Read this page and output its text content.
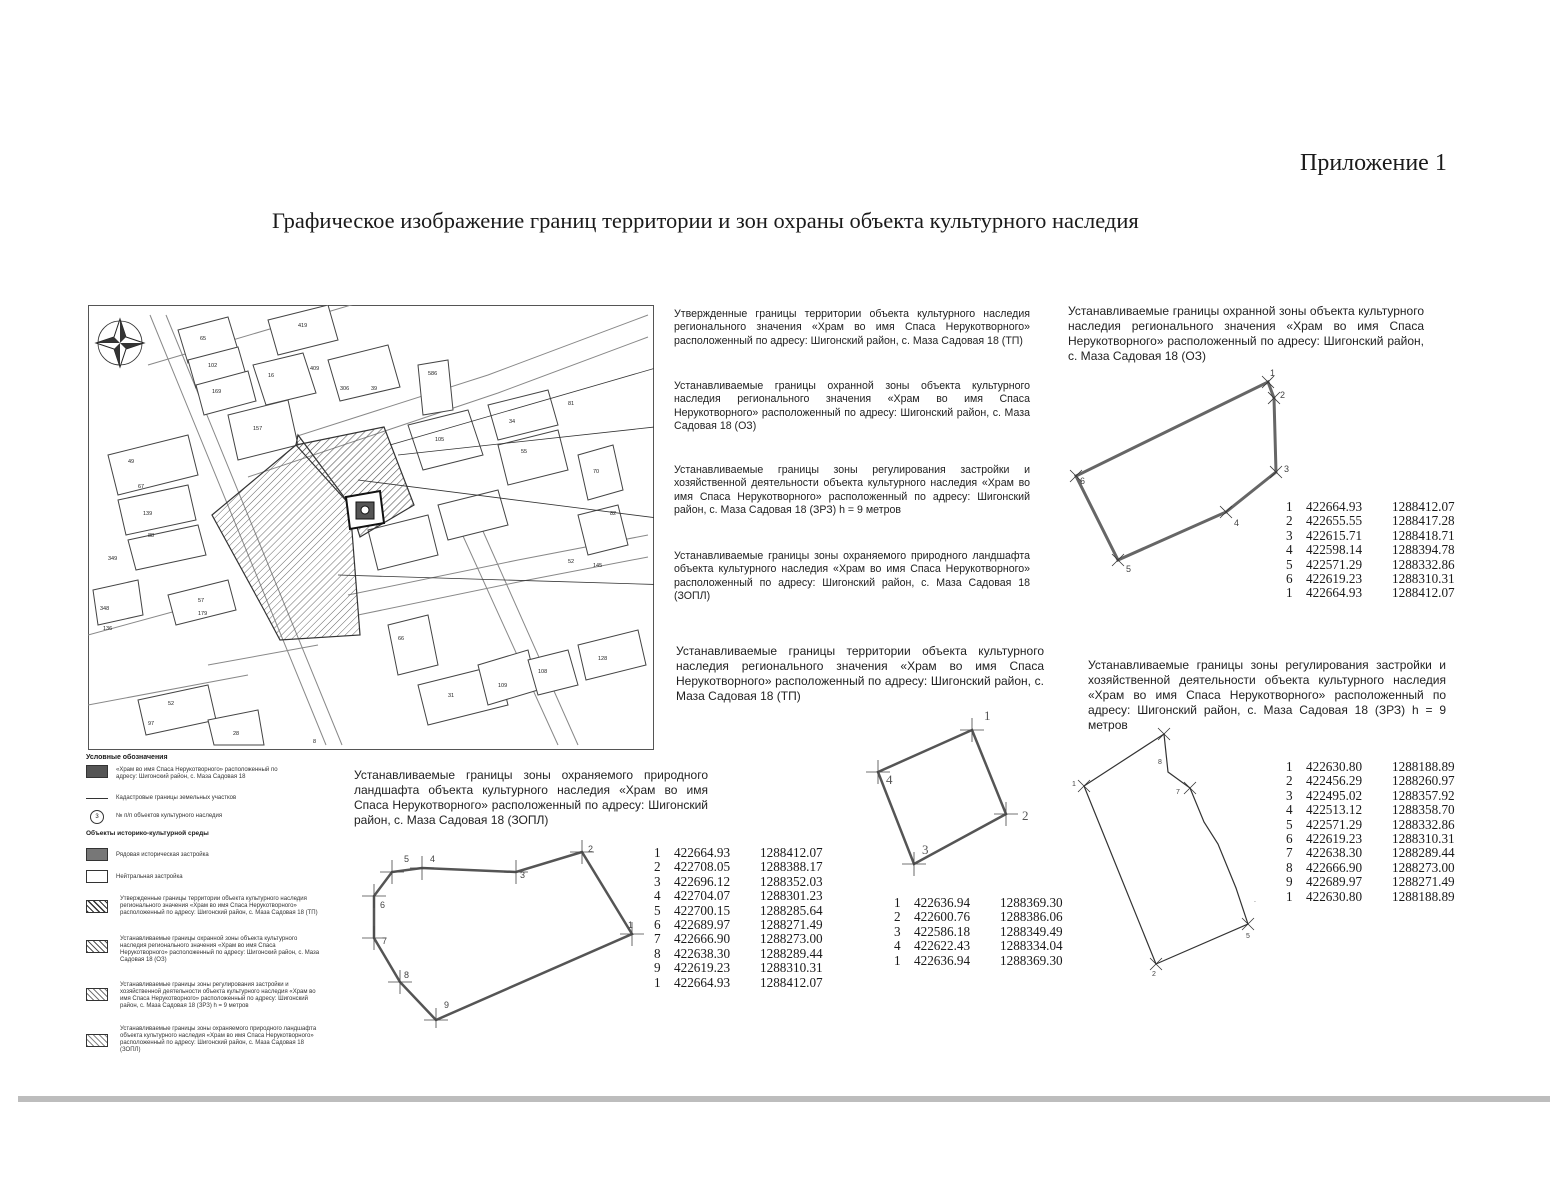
Приложение 1
Графическое изображение границ территории и зон охраны объекта культурного наследия
419
65
102
169
409
16
306	39
586
157
105
34
55
81
70
49
67
139
88
82
52
145
349
57
179
348
136
66
128
31
109
108
52
97
28
8
Утвержденные границы территории объекта культурного наследия регионального значения «Храм во имя Спаса Нерукотворного» расположенный по адресу: Шигонский район, с. Маза Садовая 18 (ТП)
Устанавливаемые границы охранной зоны объекта культурного наследия регионального значения «Храм во имя Спаса Нерукотворного» расположенный по адресу: Шигонский район, с. Маза Садовая 18 (ОЗ)
Устанавливаемые границы зоны регулирования застройки и хозяйственной деятельности объекта культурного наследия «Храм во имя Спаса Нерукотворного» расположенный по адресу: Шигонский район, с. Маза Садовая 18 (ЗРЗ) h = 9 метров
Устанавливаемые границы зоны охраняемого природного ландшафта объекта культурного наследия «Храм во имя Спаса Нерукотворного» расположенный по адресу: Шигонский район, с. Маза Садовая 18 (ЗОПЛ)
Условные обозначения
«Храм во имя Спаса Нерукотворного» расположенный по адресу: Шигонский район, с. Маза Садовая 18
Кадастровые границы земельных участков
3	№ п/п объектов культурного наследия
Объекты историко-культурной среды
Рядовая историческая застройка
Нейтральная застройка
Утвержденные границы территории объекта культурного наследия регионального значения «Храм во имя Спаса Нерукотворного» расположенный по адресу: Шигонский район, с. Маза Садовая 18 (ТП)
Устанавливаемые границы охранной зоны объекта культурного наследия регионального значения «Храм во имя Спаса Нерукотворного» расположенный по адресу: Шигонский район, с. Маза Садовая 18 (ОЗ)
Устанавливаемые границы зоны регулирования застройки и хозяйственной деятельности объекта культурного наследия «Храм во имя Спаса Нерукотворного» расположенный по адресу: Шигонский район, с. Маза Садовая 18 (ЗРЗ) h = 9 метров
Устанавливаемые границы зоны охраняемого природного ландшафта объекта культурного наследия «Храм во имя Спаса Нерукотворного» расположенный по адресу: Шигонский район, с. Маза Садовая 18 (ЗОПЛ)
Устанавливаемые границы охранной зоны объекта культурного наследия регионального значения «Храм во имя Спаса Нерукотворного» расположенный по адресу: Шигонский район, с. Маза Садовая 18 (ОЗ)
1
2
3
4
5
6
1	422664.93	1288412.07
2	422655.55	1288417.28
3	422615.71	1288418.71
4	422598.14	1288394.78
5	422571.29	1288332.86
6	422619.23	1288310.31
1	422664.93	1288412.07
Устанавливаемые границы территории объекта культурного наследия регионального значения «Храм во имя Спаса Нерукотворного» расположенный по адресу: Шигонский район, с. Маза Садовая 18 (ТП)
1
2
3
4
1	422636.94	1288369.30
2	422600.76	1288386.06
3	422586.18	1288349.49
4	422622.43	1288334.04
1	422636.94	1288369.30
Устанавливаемые границы зоны регулирования застройки и хозяйственной деятельности объекта культурного наследия «Храм во имя Спаса Нерукотворного» расположенный по адресу: Шигонский район, с. Маза Садовая 18 (ЗРЗ) h = 9 метров
1
8
7
.
5
2
1	422630.80	1288188.89
2	422456.29	1288260.97
3	422495.02	1288357.92
4	422513.12	1288358.70
5	422571.29	1288332.86
6	422619.23	1288310.31
7	422638.30	1288289.44
8	422666.90	1288273.00
9	422689.97	1288271.49
1	422630.80	1288188.89
Устанавливаемые границы зоны охраняемого природного ландшафта объекта культурного наследия «Храм во имя Спаса Нерукотворного» расположенный по адресу: Шигонский район, с. Маза Садовая 18 (ЗОПЛ)
1
2
3
4
5
6
7
8
9
1	422664.93	1288412.07
2	422708.05	1288388.17
3	422696.12	1288352.03
4	422704.07	1288301.23
5	422700.15	1288285.64
6	422689.97	1288271.49
7	422666.90	1288273.00
8	422638.30	1288289.44
9	422619.23	1288310.31
1	422664.93	1288412.07
